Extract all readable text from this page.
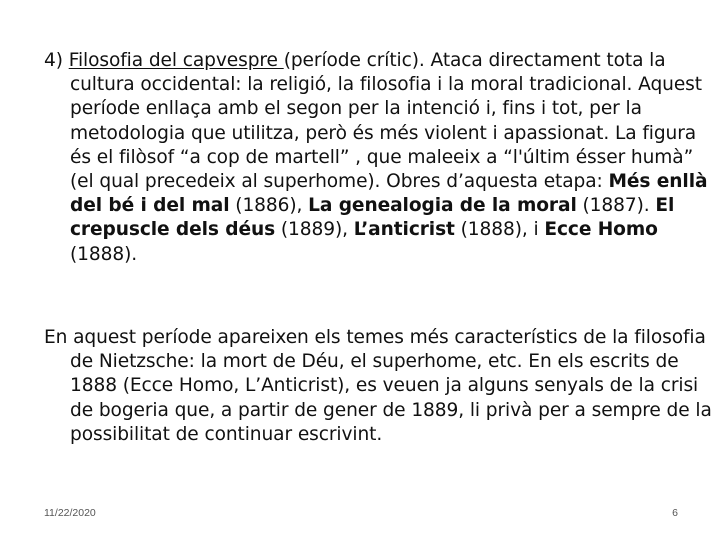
4) Filosofia del capvespre (període crític). Ataca directament tota la cultura occidental: la religió, la filosofia i la moral tradicional. Aquest període enllaça amb el segon per la intenció i, fins i tot, per la metodologia que utilitza, però és més violent i apassionat. La figura és el filòsof “a cop de martell” , que maleeix a “l'últim ésser humà” (el qual precedeix al superhome). Obres d’aquesta etapa: Més enllà del bé i del mal (1886), La genealogia de la moral (1887). El crepuscle dels déus (1889), L’anticrist (1888), i Ecce Homo (1888).
En aquest període apareixen els temes més característics de la filosofia de Nietzsche: la mort de Déu, el superhome, etc. En els escrits de 1888 (Ecce Homo, L’Anticrist), es veuen ja alguns senyals de la crisi de bogeria que, a partir de gener de 1889, li privà per a sempre de la possibilitat de continuar escrivint.
11/22/2020	6
